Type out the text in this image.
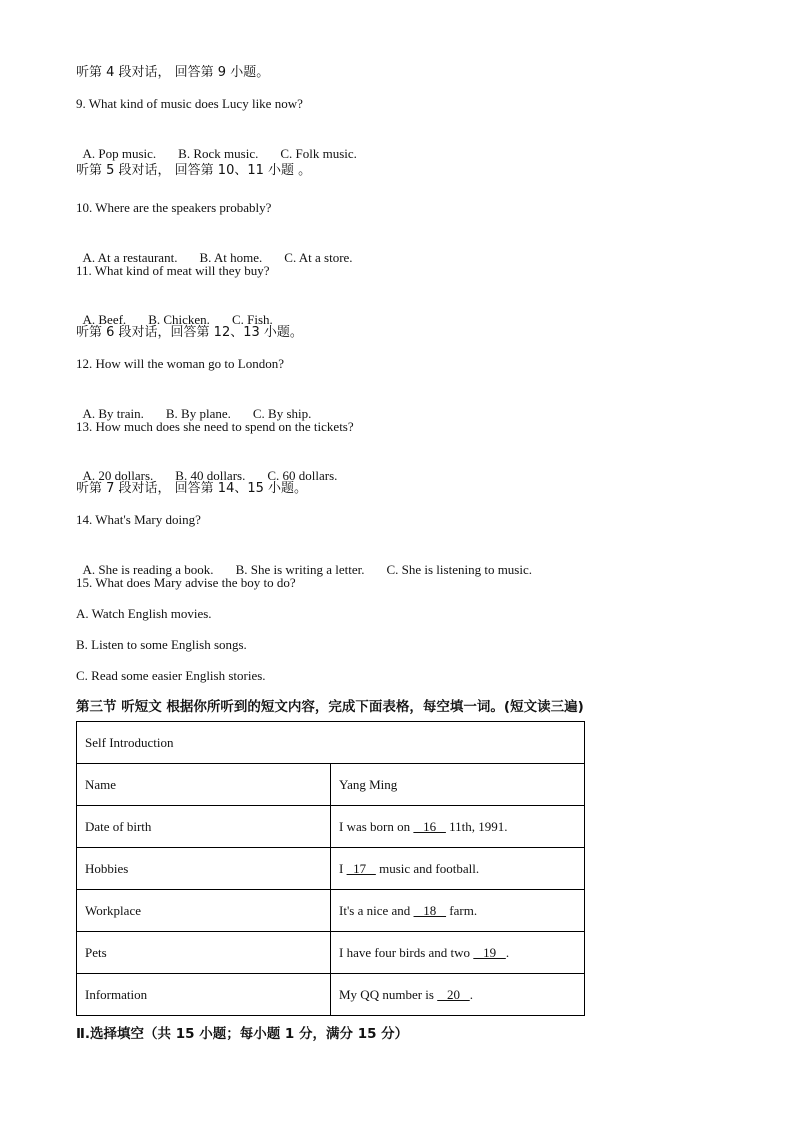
听第 4 段对话， 回答第 9 小题。
9. What kind of music does Lucy like now?

A. Pop music. B. Rock music. C. Folk music.

听第 5 段对话， 回答第 10、11 小题 。
10. Where are the speakers probably?

A. At a restaurant. B. At home. C. At a store.

11. What kind of meat will they buy?

A. Beef. B. Chicken. C. Fish.

听第 6 段对话，回答第 12、13 小题。
12. How will the woman go to London?

A. By train. B. By plane. C. By ship.

13. How much does she need to spend on the tickets?

A. 20 dollars. B. 40 dollars. C. 60 dollars.

听第 7 段对话， 回答第 14、15 小题。
14. What's Mary doing?

A. She is reading a book. B. She is writing a letter. C. She is listening to music.

15. What does Mary advise the boy to do?
A. Watch English movies.
B. Listen to some English songs.
C. Read some easier English stories.
第三节 听短文 根据你所听到的短文内容，完成下面表格，每空填一词。(短文读三遍)
Self Introduction	
Name	Yang Ming
Date of birth	I was born on    16    11th, 1991.
Hobbies	I   17    music and football.
Workplace	It's a nice and    18    farm.
Pets	I have four birds and two    19   .
Information	My QQ number is    20   .
Ⅱ.选择填空（共 15 小题；每小题 1 分，满分 15 分）
